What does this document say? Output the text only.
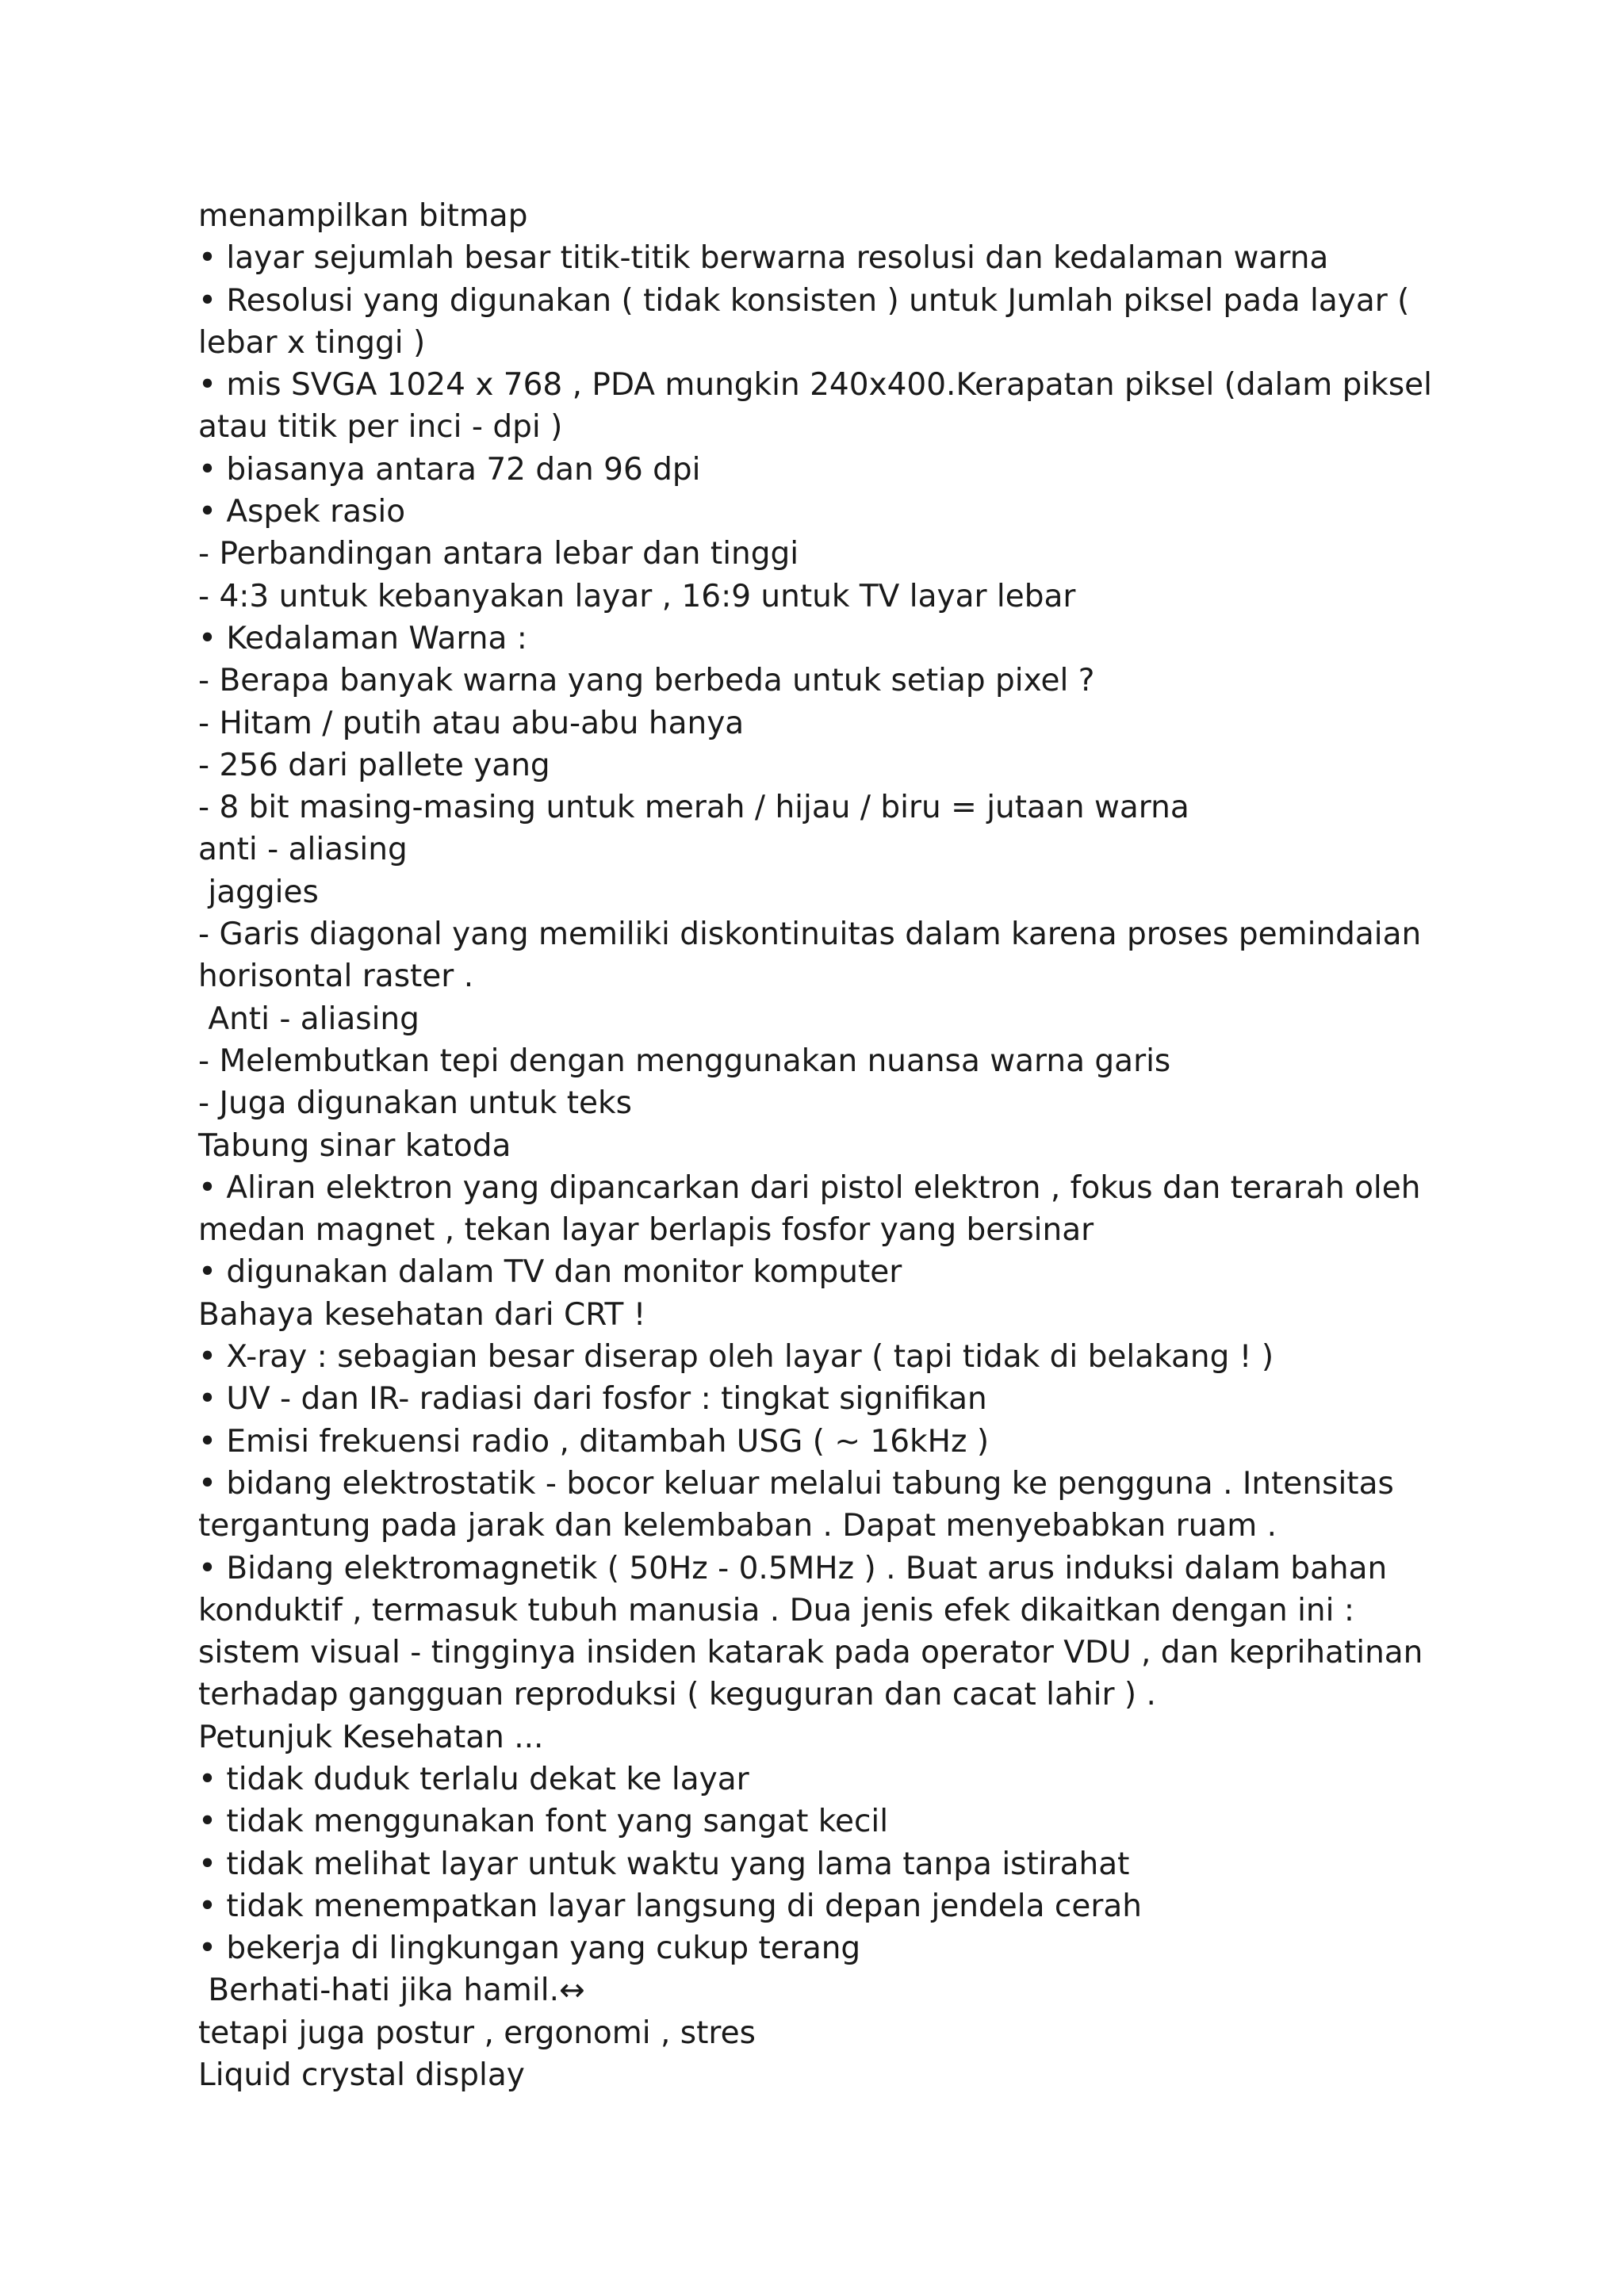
menampilkan bitmap

• layar sejumlah besar titik-titik berwarna resolusi dan kedalaman warna

• Resolusi yang digunakan ( tidak konsisten ) untuk Jumlah piksel pada layar (

lebar x tinggi )

• mis SVGA 1024 x 768 , PDA mungkin 240x400.Kerapatan piksel (dalam piksel

atau titik per inci - dpi )

• biasanya antara 72 dan 96 dpi

• Aspek rasio

- Perbandingan antara lebar dan tinggi

- 4:3 untuk kebanyakan layar , 16:9 untuk TV layar lebar

• Kedalaman Warna :

- Berapa banyak warna yang berbeda untuk setiap pixel ?

- Hitam / putih atau abu-abu hanya

- 256 dari pallete yang

- 8 bit masing-masing untuk merah / hijau / biru = jutaan warna

anti - aliasing

jaggies

- Garis diagonal yang memiliki diskontinuitas dalam karena proses pemindaian

horisontal raster .

Anti - aliasing

- Melembutkan tepi dengan menggunakan nuansa warna garis

- Juga digunakan untuk teks

Tabung sinar katoda

• Aliran elektron yang dipancarkan dari pistol elektron , fokus dan terarah oleh

medan magnet , tekan layar berlapis fosfor yang bersinar

• digunakan dalam TV dan monitor komputer

Bahaya kesehatan dari CRT !

• X-ray : sebagian besar diserap oleh layar ( tapi tidak di belakang ! )

• UV - dan IR- radiasi dari fosfor : tingkat signifikan

• Emisi frekuensi radio , ditambah USG ( ~ 16kHz )

• bidang elektrostatik - bocor keluar melalui tabung ke pengguna . Intensitas

tergantung pada jarak dan kelembaban . Dapat menyebabkan ruam .

• Bidang elektromagnetik ( 50Hz - 0.5MHz ) . Buat arus induksi dalam bahan

konduktif , termasuk tubuh manusia . Dua jenis efek dikaitkan dengan ini :

sistem visual - tingginya insiden katarak pada operator VDU , dan keprihatinan

terhadap gangguan reproduksi ( keguguran dan cacat lahir ) .

Petunjuk Kesehatan ...

• tidak duduk terlalu dekat ke layar

• tidak menggunakan font yang sangat kecil

• tidak melihat layar untuk waktu yang lama tanpa istirahat

• tidak menempatkan layar langsung di depan jendela cerah

• bekerja di lingkungan yang cukup terang

Berhati-hati jika hamil.↔

tetapi juga postur , ergonomi , stres

Liquid crystal display
